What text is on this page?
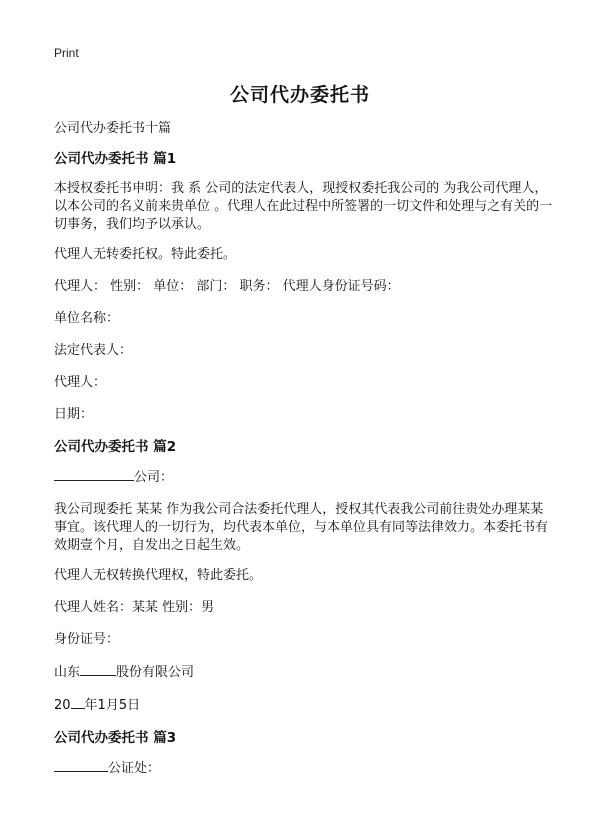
Print
公司代办委托书

公司代办委托书十篇

公司代办委托书 篇1

本授权委托书申明：我 系 公司的法定代表人，现授权委托我公司的 为我公司代理人，以本公司的名义前来贵单位 。代理人在此过程中所签署的一切文件和处理与之有关的一切事务，我们均予以承认。

代理人无转委托权。特此委托。

代理人： 性别： 单位： 部门： 职务： 代理人身份证号码：

单位名称：

法定代表人：

代理人：

日期：

公司代办委托书 篇2

公司：

我公司现委托 某某 作为我公司合法委托代理人，授权其代表我公司前往贵处办理某某事宜。该代理人的一切行为，均代表本单位，与本单位具有同等法律效力。本委托书有效期壹个月，自发出之日起生效。

代理人无权转换代理权，特此委托。

代理人姓名：某某 性别：男

身份证号：

山东	股份有限公司

20 年1月5日

公司代办委托书 篇3

公证处：
